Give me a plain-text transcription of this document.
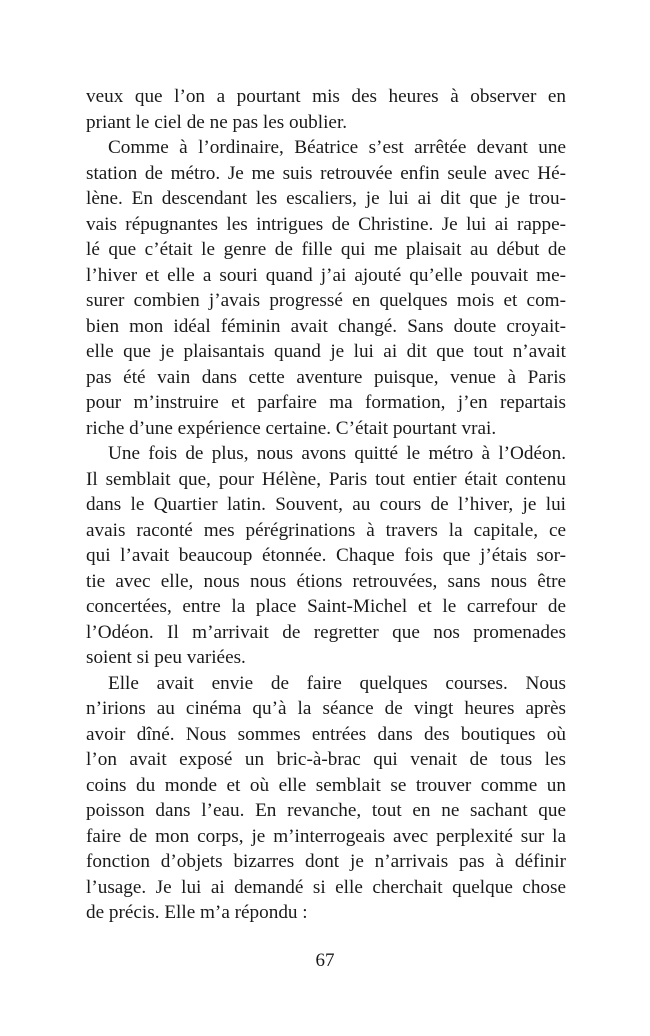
veux que l’on a pourtant mis des heures à observer en
priant le ciel de ne pas les oublier.
Comme à l’ordinaire, Béatrice s’est arrêtée devant une
station de métro. Je me suis retrouvée enfin seule avec Hé-
lène. En descendant les escaliers, je lui ai dit que je trou-
vais répugnantes les intrigues de Christine. Je lui ai rappe-
lé que c’était le genre de fille qui me plaisait au début de
l’hiver et elle a souri quand j’ai ajouté qu’elle pouvait me-
surer combien j’avais progressé en quelques mois et com-
bien mon idéal féminin avait changé. Sans doute croyait-
elle que je plaisantais quand je lui ai dit que tout n’avait
pas été vain dans cette aventure puisque, venue à Paris
pour m’instruire et parfaire ma formation, j’en repartais
riche d’une expérience certaine. C’était pourtant vrai.
Une fois de plus, nous avons quitté le métro à l’Odéon.
Il semblait que, pour Hélène, Paris tout entier était contenu
dans le Quartier latin. Souvent, au cours de l’hiver, je lui
avais raconté mes pérégrinations à travers la capitale, ce
qui l’avait beaucoup étonnée. Chaque fois que j’étais sor-
tie avec elle, nous nous étions retrouvées, sans nous être
concertées, entre la place Saint-Michel et le carrefour de
l’Odéon. Il m’arrivait de regretter que nos promenades
soient si peu variées.
Elle avait envie de faire quelques courses. Nous
n’irions au cinéma qu’à la séance de vingt heures après
avoir dîné. Nous sommes entrées dans des boutiques où
l’on avait exposé un bric-à-brac qui venait de tous les
coins du monde et où elle semblait se trouver comme un
poisson dans l’eau. En revanche, tout en ne sachant que
faire de mon corps, je m’interrogeais avec perplexité sur la
fonction d’objets bizarres dont je n’arrivais pas à définir
l’usage. Je lui ai demandé si elle cherchait quelque chose
de précis. Elle m’a répondu :
67
